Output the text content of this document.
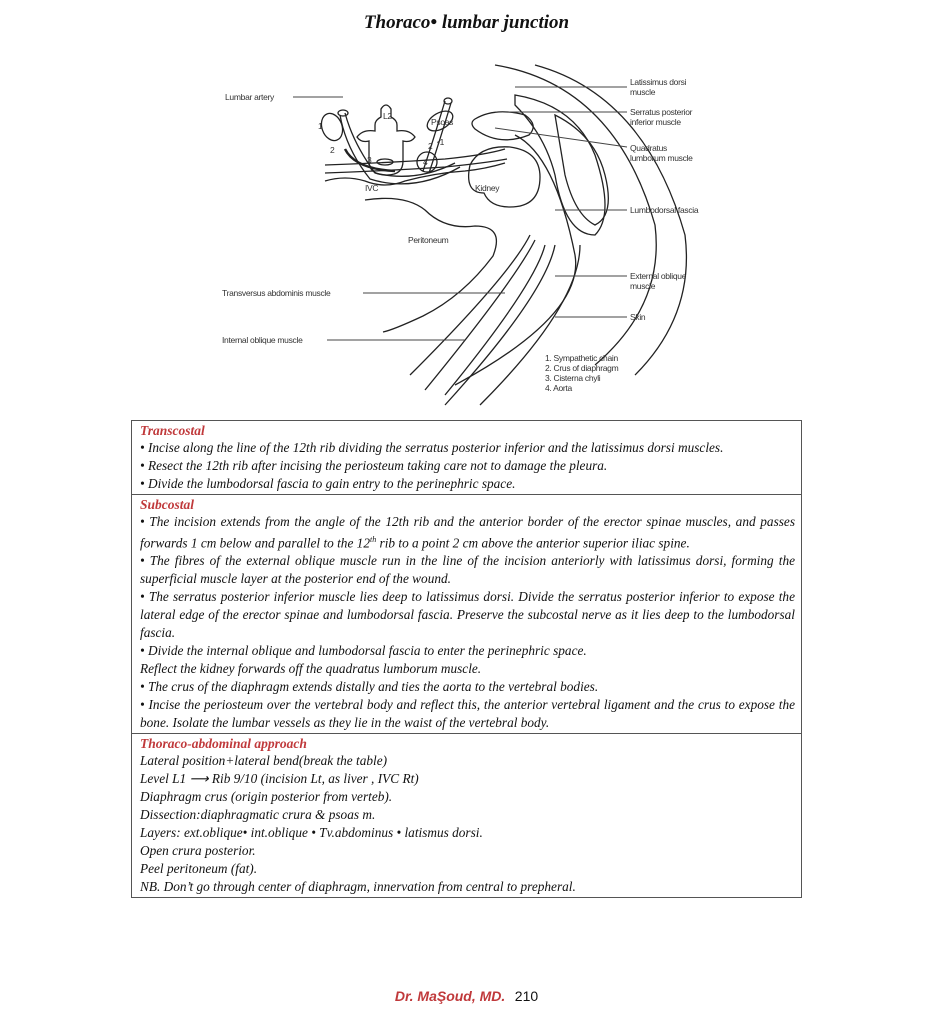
Thoraco• lumbar junction
Lumbar artery
Transversus abdominis muscle
Internal oblique muscle
Latissimus dorsi
muscle
Serratus posterior
inferior muscle
Quadratus
lumborum muscle
Lumbodorsal fascia
External oblique
muscle
Skin
L2
Psoas
Kidney
IVC
Peritoneum
1
2
3	4
2 •1
1. Sympathetic chain
2. Crus of diaphragm
3. Cisterna chyli
4. Aorta
Transcostal
• Incise along the line of the 12th rib dividing the serratus posterior inferior and the latissimus dorsi muscles.
• Resect the 12th rib after incising the periosteum taking care not to damage the pleura.
• Divide the lumbodorsal fascia to gain entry to the perinephric space.
Subcostal
• The incision extends from the angle of the 12th rib and the anterior border of the erector spinae muscles, and passes forwards 1 cm below and parallel to the 12th rib to a point 2 cm above the anterior superior iliac spine.
• The fibres of the external oblique muscle run in the line of the incision anteriorly with latissimus dorsi, forming the superficial muscle layer at the posterior end of the wound.
• The serratus posterior inferior muscle lies deep to latissimus dorsi. Divide the serratus posterior inferior to expose the lateral edge of the erector spinae and lumbodorsal fascia. Preserve the subcostal nerve as it lies deep to the lumbodorsal fascia.
• Divide the internal oblique and lumbodorsal fascia to enter the perinephric space.
Reflect the kidney forwards off the quadratus lumborum muscle.
• The crus of the diaphragm extends distally and ties the aorta to the vertebral bodies.
• Incise the periosteum over the vertebral body and reflect this, the anterior vertebral ligament and the crus to expose the bone. Isolate the lumbar vessels as they lie in the waist of the vertebral body.
Thoraco-abdominal approach
Lateral position+lateral bend(break the table)
Level L1 ⟶ Rib 9/10 (incision Lt, as liver , IVC Rt)
Diaphragm crus (origin posterior from verteb).
Dissection:diaphragmatic crura & psoas m.
Layers: ext.oblique• int.oblique • Tv.abdominus • latismus dorsi.
Open crura posterior.
Peel peritoneum (fat).
NB. Don’t go through center of diaphragm, innervation from central to prepheral.
Dr. MaŞoud, MD. 210
